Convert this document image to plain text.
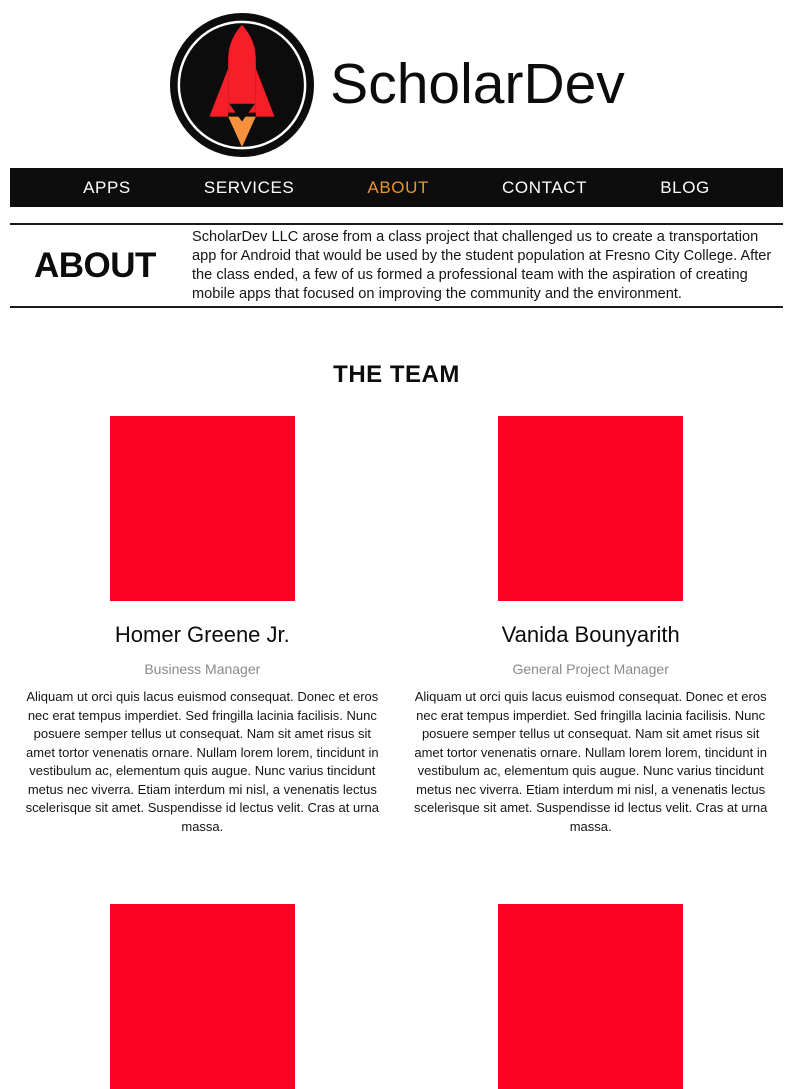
ScholarDev
APPS	SERVICES	ABOUT	CONTACT	BLOG
ABOUT

ScholarDev LLC arose from a class project that challenged us to create a transportation app for Android that would be used by the student population at Fresno City College. After the class ended, a few of us formed a professional team with the aspiration of creating mobile apps that focused on improving the community and the environment.

THE TEAM
Homer Greene Jr.
Business Manager

Aliquam ut orci quis lacus euismod consequat. Donec et eros nec erat tempus imperdiet. Sed fringilla lacinia facilisis. Nunc posuere semper tellus ut consequat. Nam sit amet risus sit amet tortor venenatis ornare. Nullam lorem lorem, tincidunt in vestibulum ac, elementum quis augue. Nunc varius tincidunt metus nec viverra. Etiam interdum mi nisl, a venenatis lectus scelerisque sit amet. Suspendisse id lectus velit. Cras at urna massa.

Vanida Bounyarith
General Project Manager

Aliquam ut orci quis lacus euismod consequat. Donec et eros nec erat tempus imperdiet. Sed fringilla lacinia facilisis. Nunc posuere semper tellus ut consequat. Nam sit amet risus sit amet tortor venenatis ornare. Nullam lorem lorem, tincidunt in vestibulum ac, elementum quis augue. Nunc varius tincidunt metus nec viverra. Etiam interdum mi nisl, a venenatis lectus scelerisque sit amet. Suspendisse id lectus velit. Cras at urna massa.
